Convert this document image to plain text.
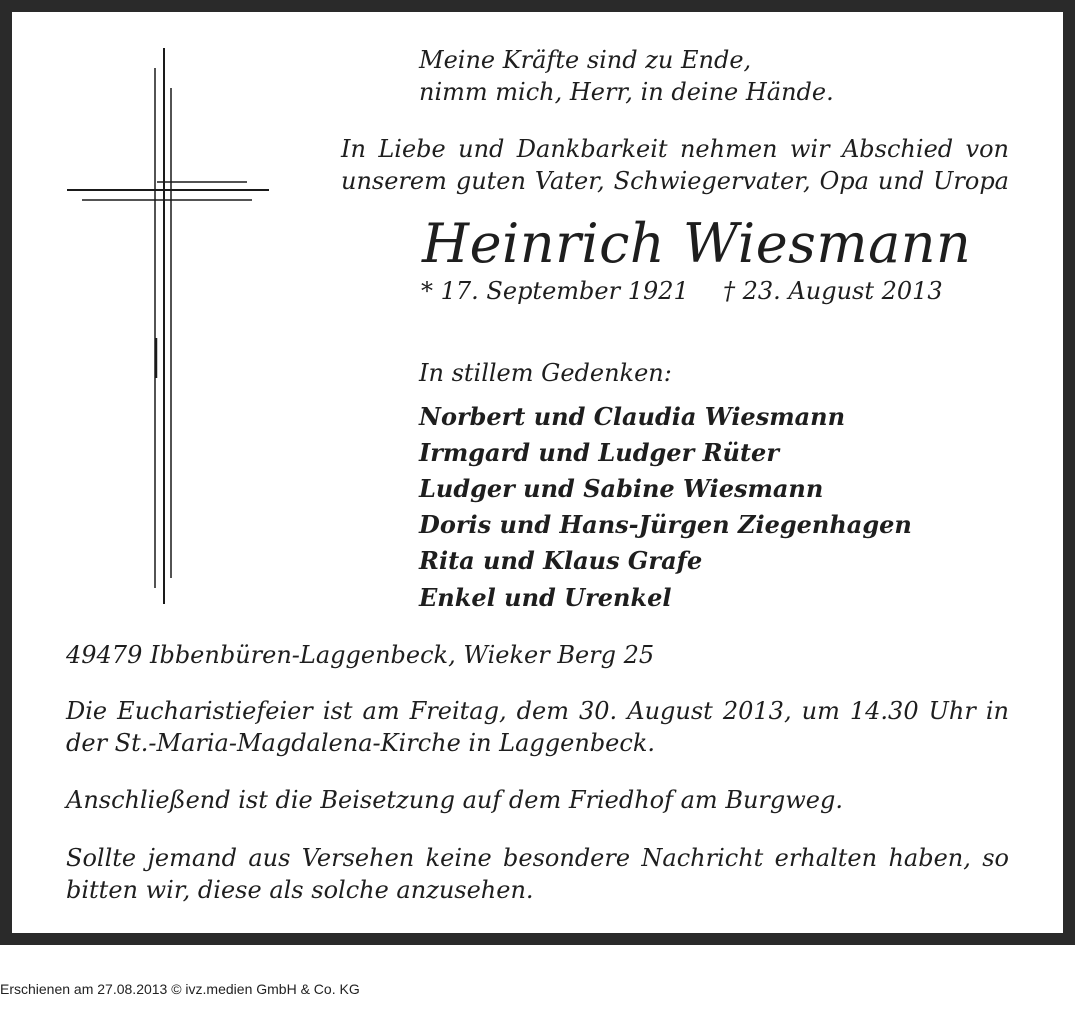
Meine Kräfte sind zu Ende,
nimm mich, Herr, in deine Hände.
In Liebe und Dankbarkeit nehmen wir Abschied von
unserem guten Vater, Schwiegervater, Opa und Uropa
Heinrich Wiesmann
* 17. September 1921 † 23. August 2013
In stillem Gedenken:
Norbert und Claudia Wiesmann
Irmgard und Ludger Rüter
Ludger und Sabine Wiesmann
Doris und Hans-Jürgen Ziegenhagen
Rita und Klaus Grafe
Enkel und Urenkel
49479 Ibbenbüren-Laggenbeck, Wieker Berg 25
Die Eucharistiefeier ist am Freitag, dem 30. August 2013, um 14.30 Uhr in der St.-Maria-Magdalena-Kirche in Laggenbeck.
Anschließend ist die Beisetzung auf dem Friedhof am Burgweg.
Sollte jemand aus Versehen keine besondere Nachricht erhalten haben, so bitten wir, diese als solche anzusehen.
Erschienen am 27.08.2013 © ivz.medien GmbH & Co. KG
